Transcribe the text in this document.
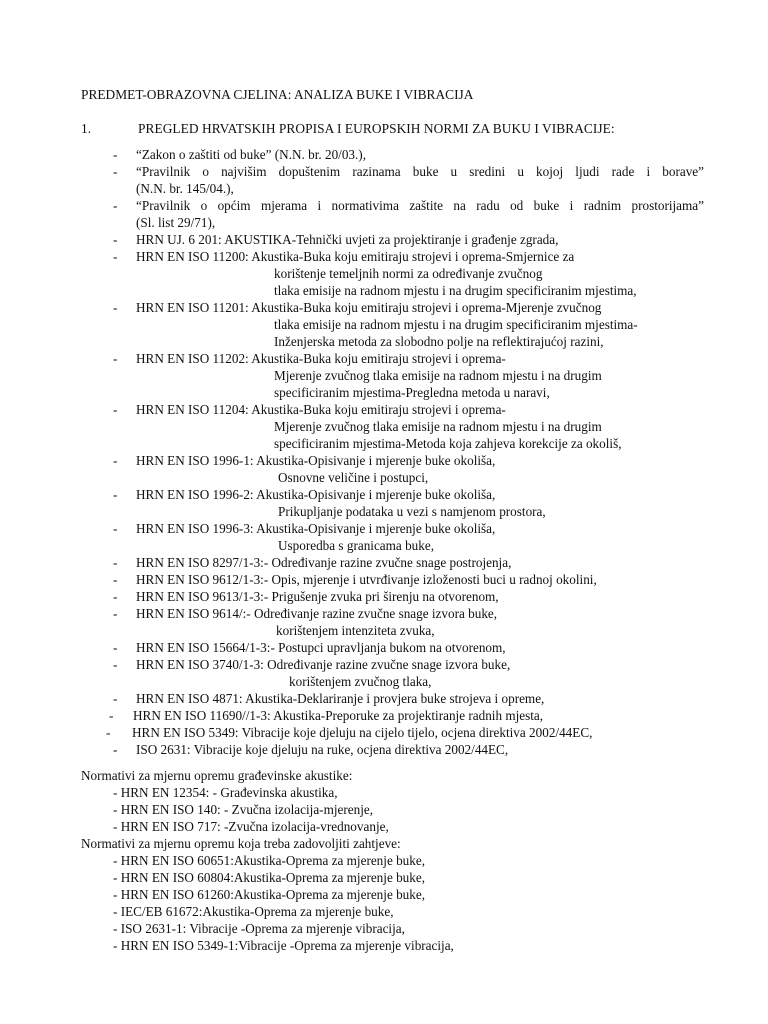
PREDMET-OBRAZOVNA CJELINA: ANALIZA BUKE I VIBRACIJA
1.	PREGLED HRVATSKIH PROPISA I EUROPSKIH NORMI ZA BUKU I VIBRACIJE:
- “Zakon o zaštiti od buke” (N.N. br. 20/03.),
- “Pravilnik o najvišim dopuštenim razinama buke u sredini u kojoj ljudi rade i borave”
(N.N. br. 145/04.),
- “Pravilnik o općim mjerama i normativima zaštite na radu od buke i radnim prostorijama”
(Sl. list 29/71),
- HRN UJ. 6 201: AKUSTIKA-Tehnički uvjeti za projektiranje i građenje zgrada,
- HRN EN ISO 11200: Akustika-Buka koju emitiraju strojevi i oprema-Smjernice za
korištenje temeljnih normi za određivanje zvučnog
tlaka emisije na radnom mjestu i na drugim specificiranim mjestima,
- HRN EN ISO 11201: Akustika-Buka koju emitiraju strojevi i oprema-Mjerenje zvučnog
tlaka emisije na radnom mjestu i na drugim specificiranim mjestima-
Inženjerska metoda za slobodno polje na reflektirajućoj razini,
- HRN EN ISO 11202: Akustika-Buka koju emitiraju strojevi i oprema-
Mjerenje zvučnog tlaka emisije na radnom mjestu i na drugim
specificiranim mjestima-Pregledna metoda u naravi,
- HRN EN ISO 11204: Akustika-Buka koju emitiraju strojevi i oprema-
Mjerenje zvučnog tlaka emisije na radnom mjestu i na drugim
specificiranim mjestima-Metoda koja zahjeva korekcije za okoliš,
- HRN EN ISO 1996-1: Akustika-Opisivanje i mjerenje buke okoliša,
Osnovne veličine i postupci,
- HRN EN ISO 1996-2: Akustika-Opisivanje i mjerenje buke okoliša,
Prikupljanje podataka u vezi s namjenom prostora,
- HRN EN ISO 1996-3: Akustika-Opisivanje i mjerenje buke okoliša,
Usporedba s granicama buke,
- HRN EN ISO 8297/1-3:- Određivanje razine zvučne snage postrojenja,
- HRN EN ISO 9612/1-3:- Opis, mjerenje i utvrđivanje izloženosti buci u radnoj okolini,
- HRN EN ISO 9613/1-3:- Prigušenje zvuka pri širenju na otvorenom,
- HRN EN ISO 9614/:- Određivanje razine zvučne snage izvora buke,
korištenjem intenziteta zvuka,
- HRN EN ISO 15664/1-3:- Postupci upravljanja bukom na otvorenom,
- HRN EN ISO 3740/1-3: Određivanje razine zvučne snage izvora buke,
korištenjem zvučnog tlaka,
- HRN EN ISO 4871: Akustika-Deklariranje i provjera buke strojeva i opreme,
- HRN EN ISO 11690//1-3: Akustika-Preporuke za projektiranje radnih mjesta,
- HRN EN ISO 5349: Vibracije koje djeluju na cijelo tijelo, ocjena direktiva 2002/44EC,
- ISO 2631: Vibracije koje djeluju na ruke, ocjena direktiva 2002/44EC,
Normativi za mjernu opremu građevinske akustike:
- HRN EN 12354: - Građevinska akustika,
- HRN EN ISO 140: - Zvučna izolacija-mjerenje,
- HRN EN ISO 717: -Zvučna izolacija-vrednovanje,
Normativi za mjernu opremu koja treba zadovoljiti zahtjeve:
- HRN EN ISO 60651:Akustika-Oprema za mjerenje buke,
- HRN EN ISO 60804:Akustika-Oprema za mjerenje buke,
- HRN EN ISO 61260:Akustika-Oprema za mjerenje buke,
- IEC/EB 61672:Akustika-Oprema za mjerenje buke,
- ISO 2631-1: Vibracije -Oprema za mjerenje vibracija,
- HRN EN ISO 5349-1:Vibracije -Oprema za mjerenje vibracija,
